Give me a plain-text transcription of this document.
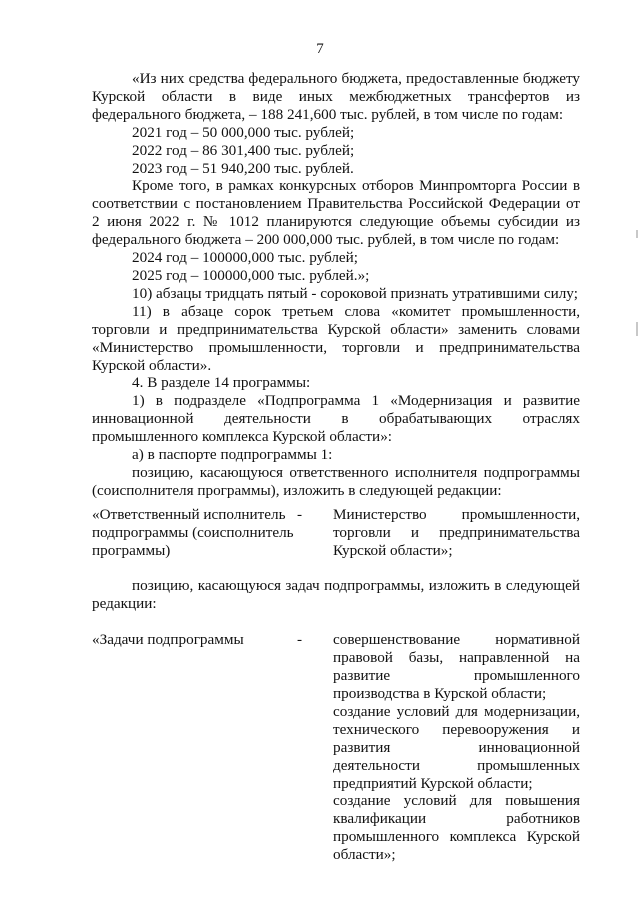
7

«Из них средства федерального бюджета, предоставленные бюджету Курской области в виде иных межбюджетных трансфертов из федерального бюджета, – 188 241,600 тыс. рублей, в том числе по годам:

2021 год – 50 000,000 тыс. рублей;

2022 год – 86 301,400 тыс. рублей;

2023 год – 51 940,200 тыс. рублей.

Кроме того, в рамках конкурсных отборов Минпромторга России в соответствии с постановлением Правительства Российской Федерации от 2 июня 2022 г. № 1012 планируются следующие объемы субсидии из федерального бюджета – 200 000,000 тыс. рублей, в том числе по годам:

2024 год – 100000,000 тыс. рублей;

2025 год – 100000,000 тыс. рублей.»;

10) абзацы тридцать пятый - сороковой признать утратившими силу;

11) в абзаце сорок третьем слова «комитет промышленности, торговли и предпринимательства Курской области» заменить словами «Министерство промышленности, торговли и предпринимательства Курской области».

4. В разделе 14 программы:

1) в подразделе «Подпрограмма 1 «Модернизация и развитие инновационной деятельности в обрабатывающих отраслях промышленного комплекса Курской области»:

а) в паспорте подпрограммы 1:

позицию, касающуюся ответственного исполнителя подпрограммы (соисполнителя программы), изложить в следующей редакции:

«Ответственный исполнитель подпрограммы (соисполнитель программы)
-	Министерство промышленности, торговли и предпринимательства Курской области»;

позицию, касающуюся задач подпрограммы, изложить в следующей редакции:

«Задачи подпрограммы	-	совершенствование нормативной правовой базы, направленной на развитие промышленного производства в Курской области;

создание условий для модернизации, технического перевооружения и развития инновационной деятельности промышленных предприятий Курской области;

создание условий для повышения квалификации работников промышленного комплекса Курской области»;
